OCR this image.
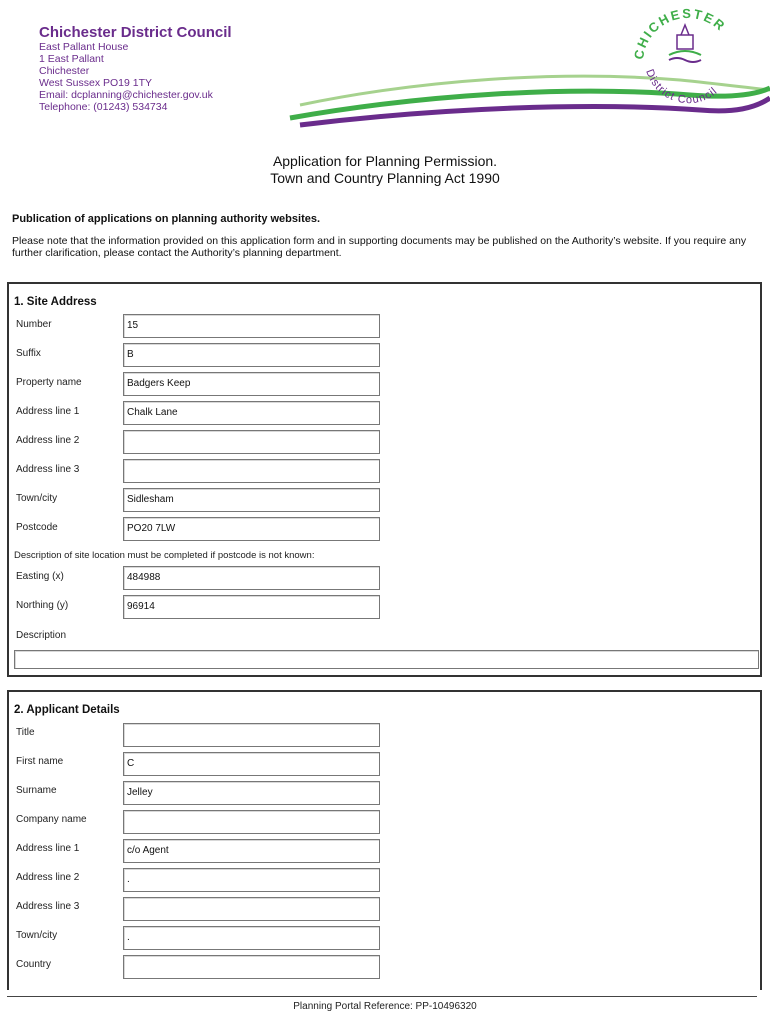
Chichester District Council
East Pallant House
1 East Pallant
Chichester
West Sussex PO19 1TY
Email: dcplanning@chichester.gov.uk
Telephone: (01243) 534734
CHICHESTER
District Council
Application for Planning Permission.
Town and Country Planning Act 1990
Publication of applications on planning authority websites.
Please note that the information provided on this application form and in supporting documents may be published on the Authority’s website. If you require any further clarification, please contact the Authority’s planning department.
1. Site Address
Number	15
Suffix	B
Property name	Badgers Keep
Address line 1	Chalk Lane
Address line 2
Address line 3
Town/city	Sidlesham
Postcode	PO20 7LW
Description of site location must be completed if postcode is not known:
Easting (x)	484988
Northing (y)	96914
Description
2. Applicant Details
Title
First name	C
Surname	Jelley
Company name
Address line 1	c/o Agent
Address line 2	.
Address line 3
Town/city	.
Country
Planning Portal Reference: PP-10496320
